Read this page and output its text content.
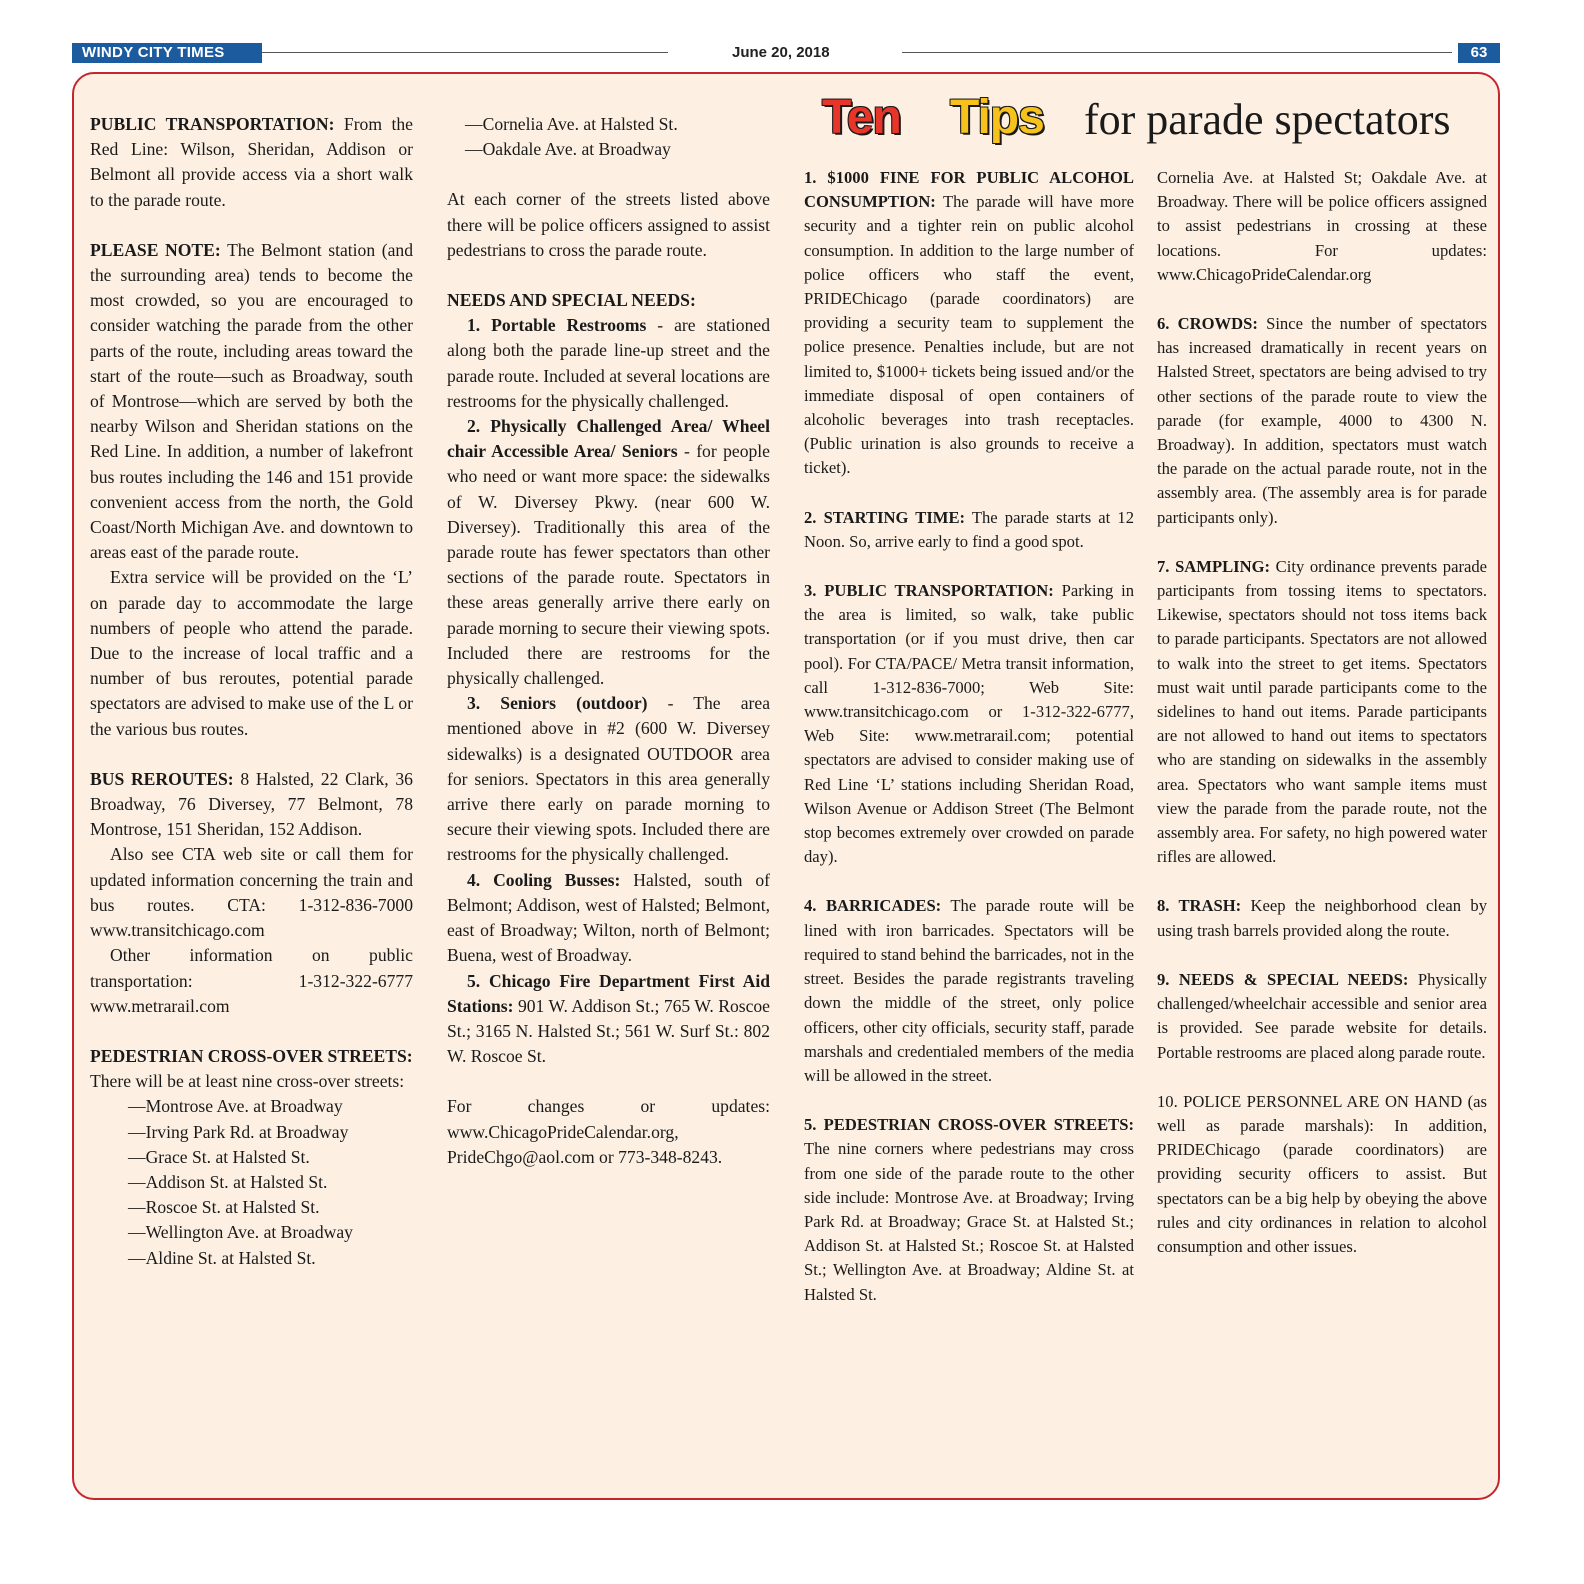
WINDY CITY TIMES	June 20, 2018	63
Ten Tips for parade spectators

PUBLIC TRANSPORTATION: From the Red Line: Wilson, Sheridan, Addison or Belmont all provide access via a short walk to the parade route.

PLEASE NOTE: The Belmont station (and the surrounding area) tends to become the most crowded, so you are encouraged to consider watching the parade from the other parts of the route, including areas toward the start of the route—such as Broadway, south of Montrose—which are served by both the nearby Wilson and Sheridan stations on the Red Line. In addition, a number of lakefront bus routes including the 146 and 151 provide convenient access from the north, the Gold Coast/North Michigan Ave. and downtown to areas east of the parade route.

Extra service will be provided on the ‘L’ on parade day to accommodate the large numbers of people who attend the parade. Due to the increase of local traffic and a number of bus reroutes, potential parade spectators are advised to make use of the L or the various bus routes.

BUS REROUTES: 8 Halsted, 22 Clark, 36 Broadway, 76 Diversey, 77 Belmont, 78 Montrose, 151 Sheridan, 152 Addison.

Also see CTA web site or call them for updated information concerning the train and bus routes. CTA: 1-312-836-7000 www.transitchicago.com

Other information on public transportation: 1-312-322-6777 www.metrarail.com

PEDESTRIAN CROSS-OVER STREETS:

There will be at least nine cross-over streets:

—Montrose Ave. at Broadway

—Irving Park Rd. at Broadway

—Grace St. at Halsted St.

—Addison St. at Halsted St.

—Roscoe St. at Halsted St.

—Wellington Ave. at Broadway

—Aldine St. at Halsted St.

—Cornelia Ave. at Halsted St.

—Oakdale Ave. at Broadway

At each corner of the streets listed above there will be police officers assigned to assist pedestrians to cross the parade route.

NEEDS AND SPECIAL NEEDS:

1. Portable Restrooms - are stationed along both the parade line-up street and the parade route. Included at several locations are restrooms for the physically challenged.

2. Physically Challenged Area/ Wheel chair Accessible Area/ Seniors - for people who need or want more space: the sidewalks of W. Diversey Pkwy. (near 600 W. Diversey). Traditionally this area of the parade route has fewer spectators than other sections of the parade route. Spectators in these areas generally arrive there early on parade morning to secure their viewing spots. Included there are restrooms for the physically challenged.

3. Seniors (outdoor) - The area mentioned above in #2 (600 W. Diversey sidewalks) is a designated OUTDOOR area for seniors. Spectators in this area generally arrive there early on parade morning to secure their viewing spots. Included there are restrooms for the physically challenged.

4. Cooling Busses: Halsted, south of Belmont; Addison, west of Halsted; Belmont, east of Broadway; Wilton, north of Belmont; Buena, west of Broadway.

5. Chicago Fire Department First Aid Stations: 901 W. Addison St.; 765 W. Roscoe St.; 3165 N. Halsted St.; 561 W. Surf St.: 802 W. Roscoe St.

For changes or updates: www.ChicagoPrideCalendar.org, PrideChgo@aol.com or 773-348-8243.

1. $1000 FINE FOR PUBLIC ALCOHOL CONSUMPTION: The parade will have more security and a tighter rein on public alcohol consumption. In addition to the large number of police officers who staff the event, PRIDEChicago (parade coordinators) are providing a security team to supplement the police presence. Penalties include, but are not limited to, $1000+ tickets being issued and/or the immediate disposal of open containers of alcoholic beverages into trash receptacles. (Public urination is also grounds to receive a ticket).

2. STARTING TIME: The parade starts at 12 Noon. So, arrive early to find a good spot.

3. PUBLIC TRANSPORTATION: Parking in the area is limited, so walk, take public transportation (or if you must drive, then car pool). For CTA/PACE/ Metra transit information, call 1-312-836-7000; Web Site: www.transitchicago.com or 1-312-322-6777, Web Site: www.metrarail.com; potential spectators are advised to consider making use of Red Line ‘L’ stations including Sheridan Road, Wilson Avenue or Addison Street (The Belmont stop becomes extremely over crowded on parade day).

4. BARRICADES: The parade route will be lined with iron barricades. Spectators will be required to stand behind the barricades, not in the street. Besides the parade registrants traveling down the middle of the street, only police officers, other city officials, security staff, parade marshals and credentialed members of the media will be allowed in the street.

5. PEDESTRIAN CROSS-OVER STREETS: The nine corners where pedestrians may cross from one side of the parade route to the other side include: Montrose Ave. at Broadway; Irving Park Rd. at Broadway; Grace St. at Halsted St.; Addison St. at Halsted St.; Roscoe St. at Halsted St.; Wellington Ave. at Broadway; Aldine St. at Halsted St.

Cornelia Ave. at Halsted St; Oakdale Ave. at Broadway. There will be police officers assigned to assist pedestrians in crossing at these locations. For updates: www.ChicagoPrideCalendar.org

6. CROWDS: Since the number of spectators has increased dramatically in recent years on Halsted Street, spectators are being advised to try other sections of the parade route to view the parade (for example, 4000 to 4300 N. Broadway). In addition, spectators must watch the parade on the actual parade route, not in the assembly area. (The assembly area is for parade participants only).

7. SAMPLING: City ordinance prevents parade participants from tossing items to spectators. Likewise, spectators should not toss items back to parade participants. Spectators are not allowed to walk into the street to get items. Spectators must wait until parade participants come to the sidelines to hand out items. Parade participants are not allowed to hand out items to spectators who are standing on sidewalks in the assembly area. Spectators who want sample items must view the parade from the parade route, not the assembly area. For safety, no high powered water rifles are allowed.

8. TRASH: Keep the neighborhood clean by using trash barrels provided along the route.

9. NEEDS & SPECIAL NEEDS: Physically challenged/wheelchair accessible and senior area is provided. See parade website for details. Portable restrooms are placed along parade route.

10. POLICE PERSONNEL ARE ON HAND (as well as parade marshals): In addition, PRIDEChicago (parade coordinators) are providing security officers to assist. But spectators can be a big help by obeying the above rules and city ordinances in relation to alcohol consumption and other issues.
